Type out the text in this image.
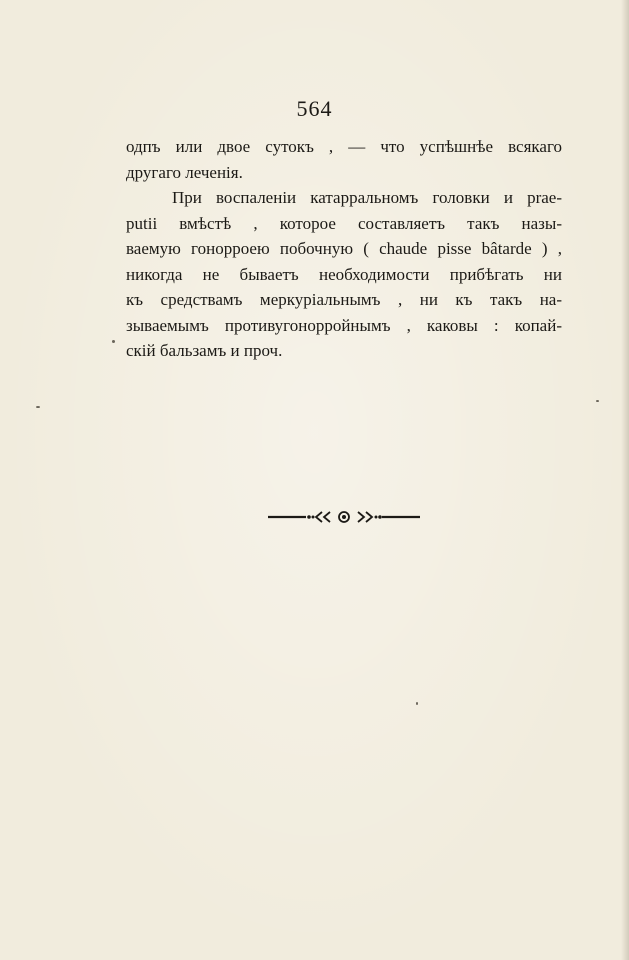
564
одпъ или двое сутокъ , — что успѣшнѣе всякаго
другаго леченія.
При воспаленіи катарральномъ головки и prae-
putii вмѣстѣ , которое составляетъ такъ назы-
ваемую гонорроею побочную ( chaude pisse bâtarde ) ,
никогда не бываетъ необходимости прибѣгать ни
къ средствамъ меркуріальнымъ , ни къ такъ на-
зываемымъ противугонорройнымъ , каковы : копай-
скій бальзамъ и проч.
